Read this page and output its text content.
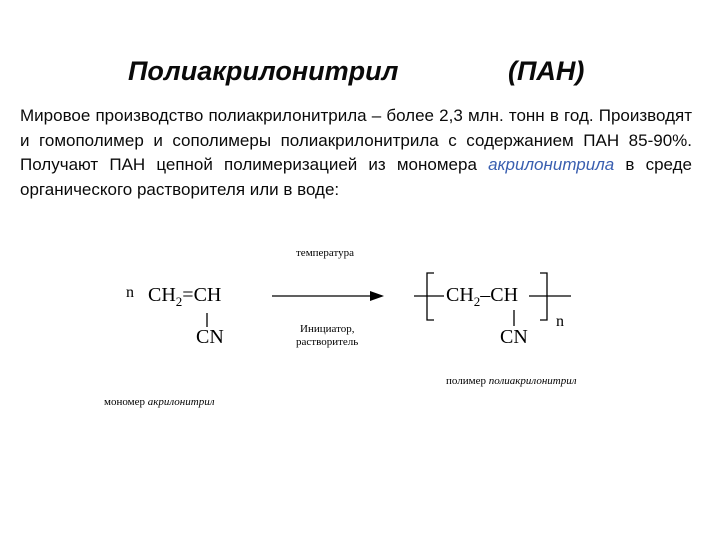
Полиакрилонитрил	(ПАН)
Мировое производство полиакрилонитрила – более 2,3 млн. тонн в год. Производят и гомополимер и сополимеры полиакрилонитрила с содержанием ПАН 85-90%. Получают ПАН цепной полимеризацией из мономера акрилонитрила в среде органического растворителя или в воде:
температура
Инициатор,
растворитель
n $CH_2=CH$
CN
$CH_2-CH$
CN
n
полимер полиакрилонитрил
мономер акрилонитрил
